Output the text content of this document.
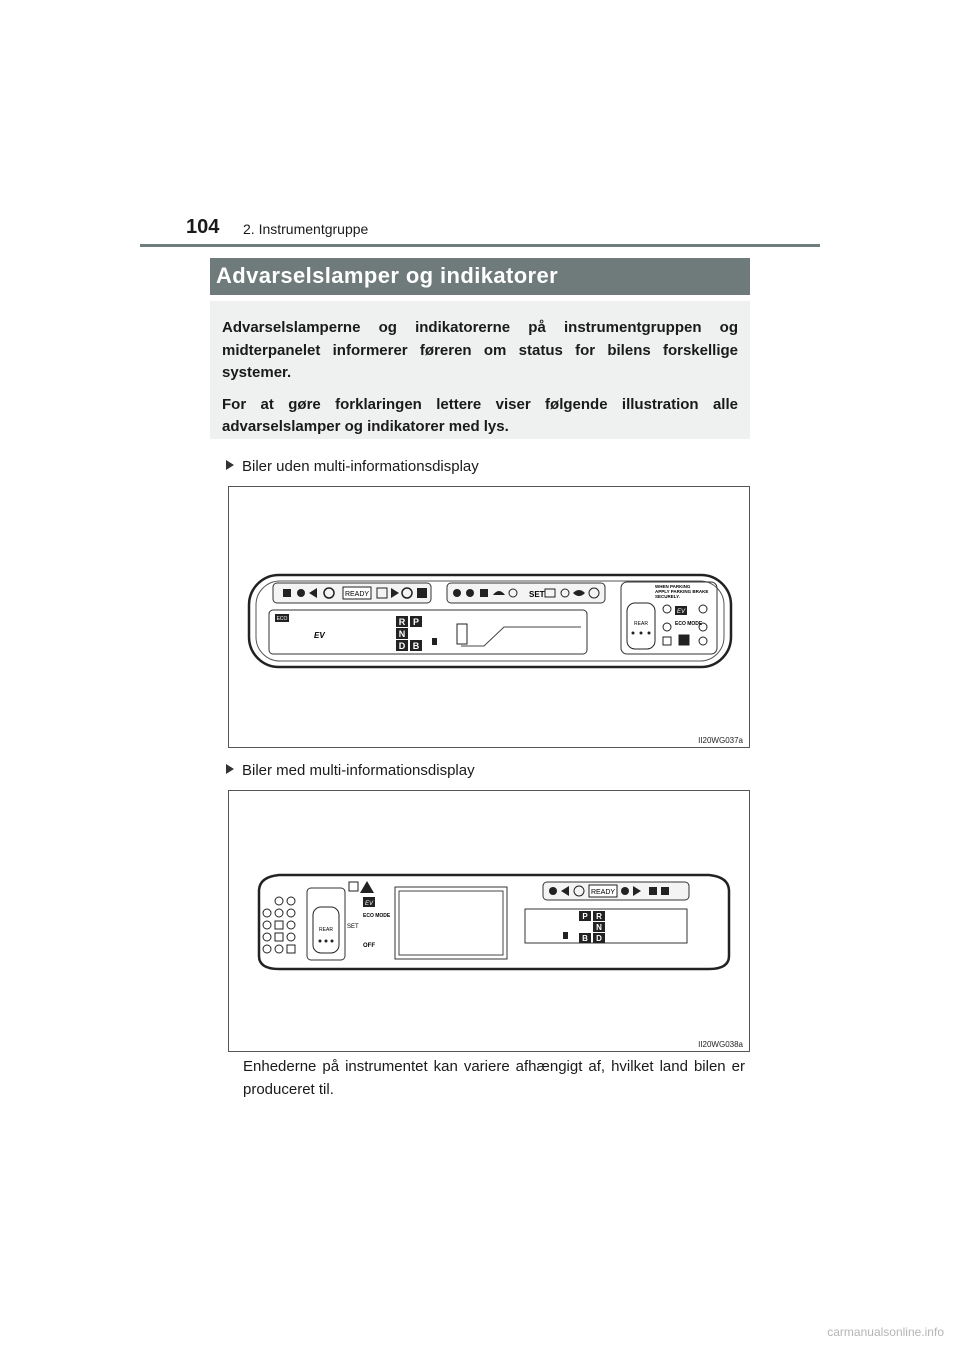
104 2. Instrumentgruppe
Advarselslamper og indikatorer

Advarselslamperne og indikatorerne på instrumentgruppen og midterpanelet informerer føreren om status for bilens forskellige systemer.

For at gøre forklaringen lettere viser følgende illustration alle advarselslamper og indikatorer med lys.

Biler uden multi-informationsdisplay
READY	SET
ECO
EV
R P
N
D B
REAR
WHEN PARKING
APPLY PARKING BRAKE
SECURELY.
EV
ECO MODE
II20WG037a
Biler med multi-informationsdisplay
REAR
EV
ECO MODE
SET
OFF
READY
P R
N
B D
II20WG038a
Enhederne på instrumentet kan variere afhængigt af, hvilket land bilen er produceret til.
carmanualsonline.info
